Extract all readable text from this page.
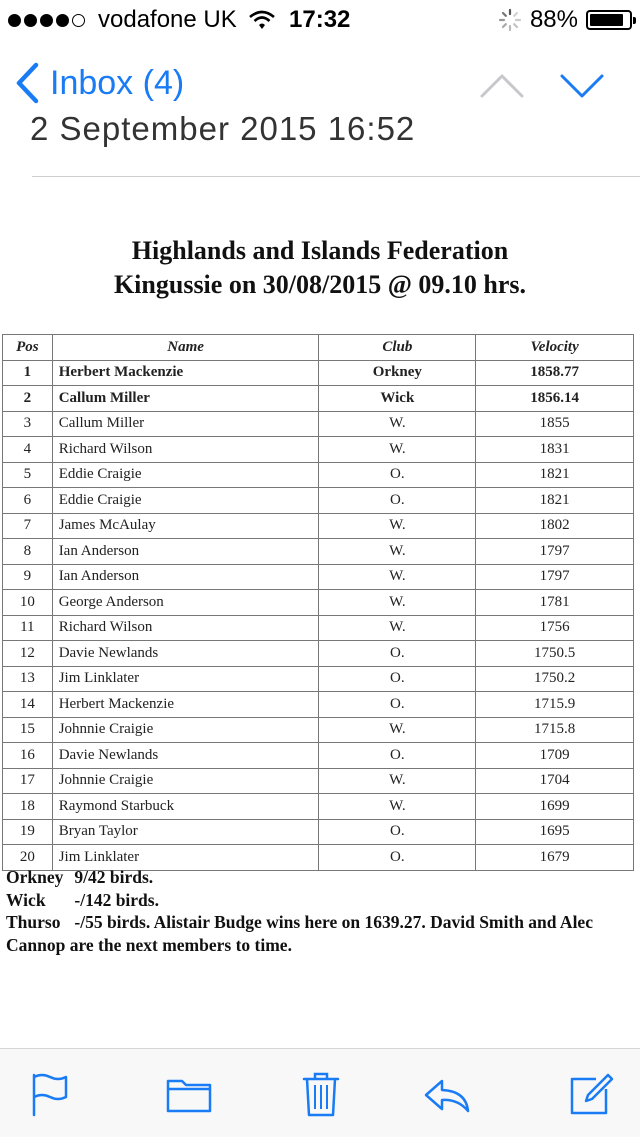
vodafone UK 17:32	88%
Inbox (4)
2 September 2015 16:52
Highlands and Islands Federation
Kingussie on 30/08/2015 @ 09.10 hrs.
Pos	Name	Club	Velocity
1	Herbert Mackenzie	Orkney	1858.77
2	Callum Miller	Wick	1856.14
3	Callum Miller	W.	1855
4	Richard Wilson	W.	1831
5	Eddie Craigie	O.	1821
6	Eddie Craigie	O.	1821
7	James McAulay	W.	1802
8	Ian Anderson	W.	1797
9	Ian Anderson	W.	1797
10	George Anderson	W.	1781
11	Richard Wilson	W.	1756
12	Davie Newlands	O.	1750.5
13	Jim Linklater	O.	1750.2
14	Herbert Mackenzie	O.	1715.9
15	Johnnie Craigie	W.	1715.8
16	Davie Newlands	O.	1709
17	Johnnie Craigie	W.	1704
18	Raymond Starbuck	W.	1699
19	Bryan Taylor	O.	1695
20	Jim Linklater	O.	1679
Orkney 9/42 birds.
Wick -/142 birds.
Thurso -/55 birds. Alistair Budge wins here on 1639.27. David Smith and Alec Cannop are the next members to time.
